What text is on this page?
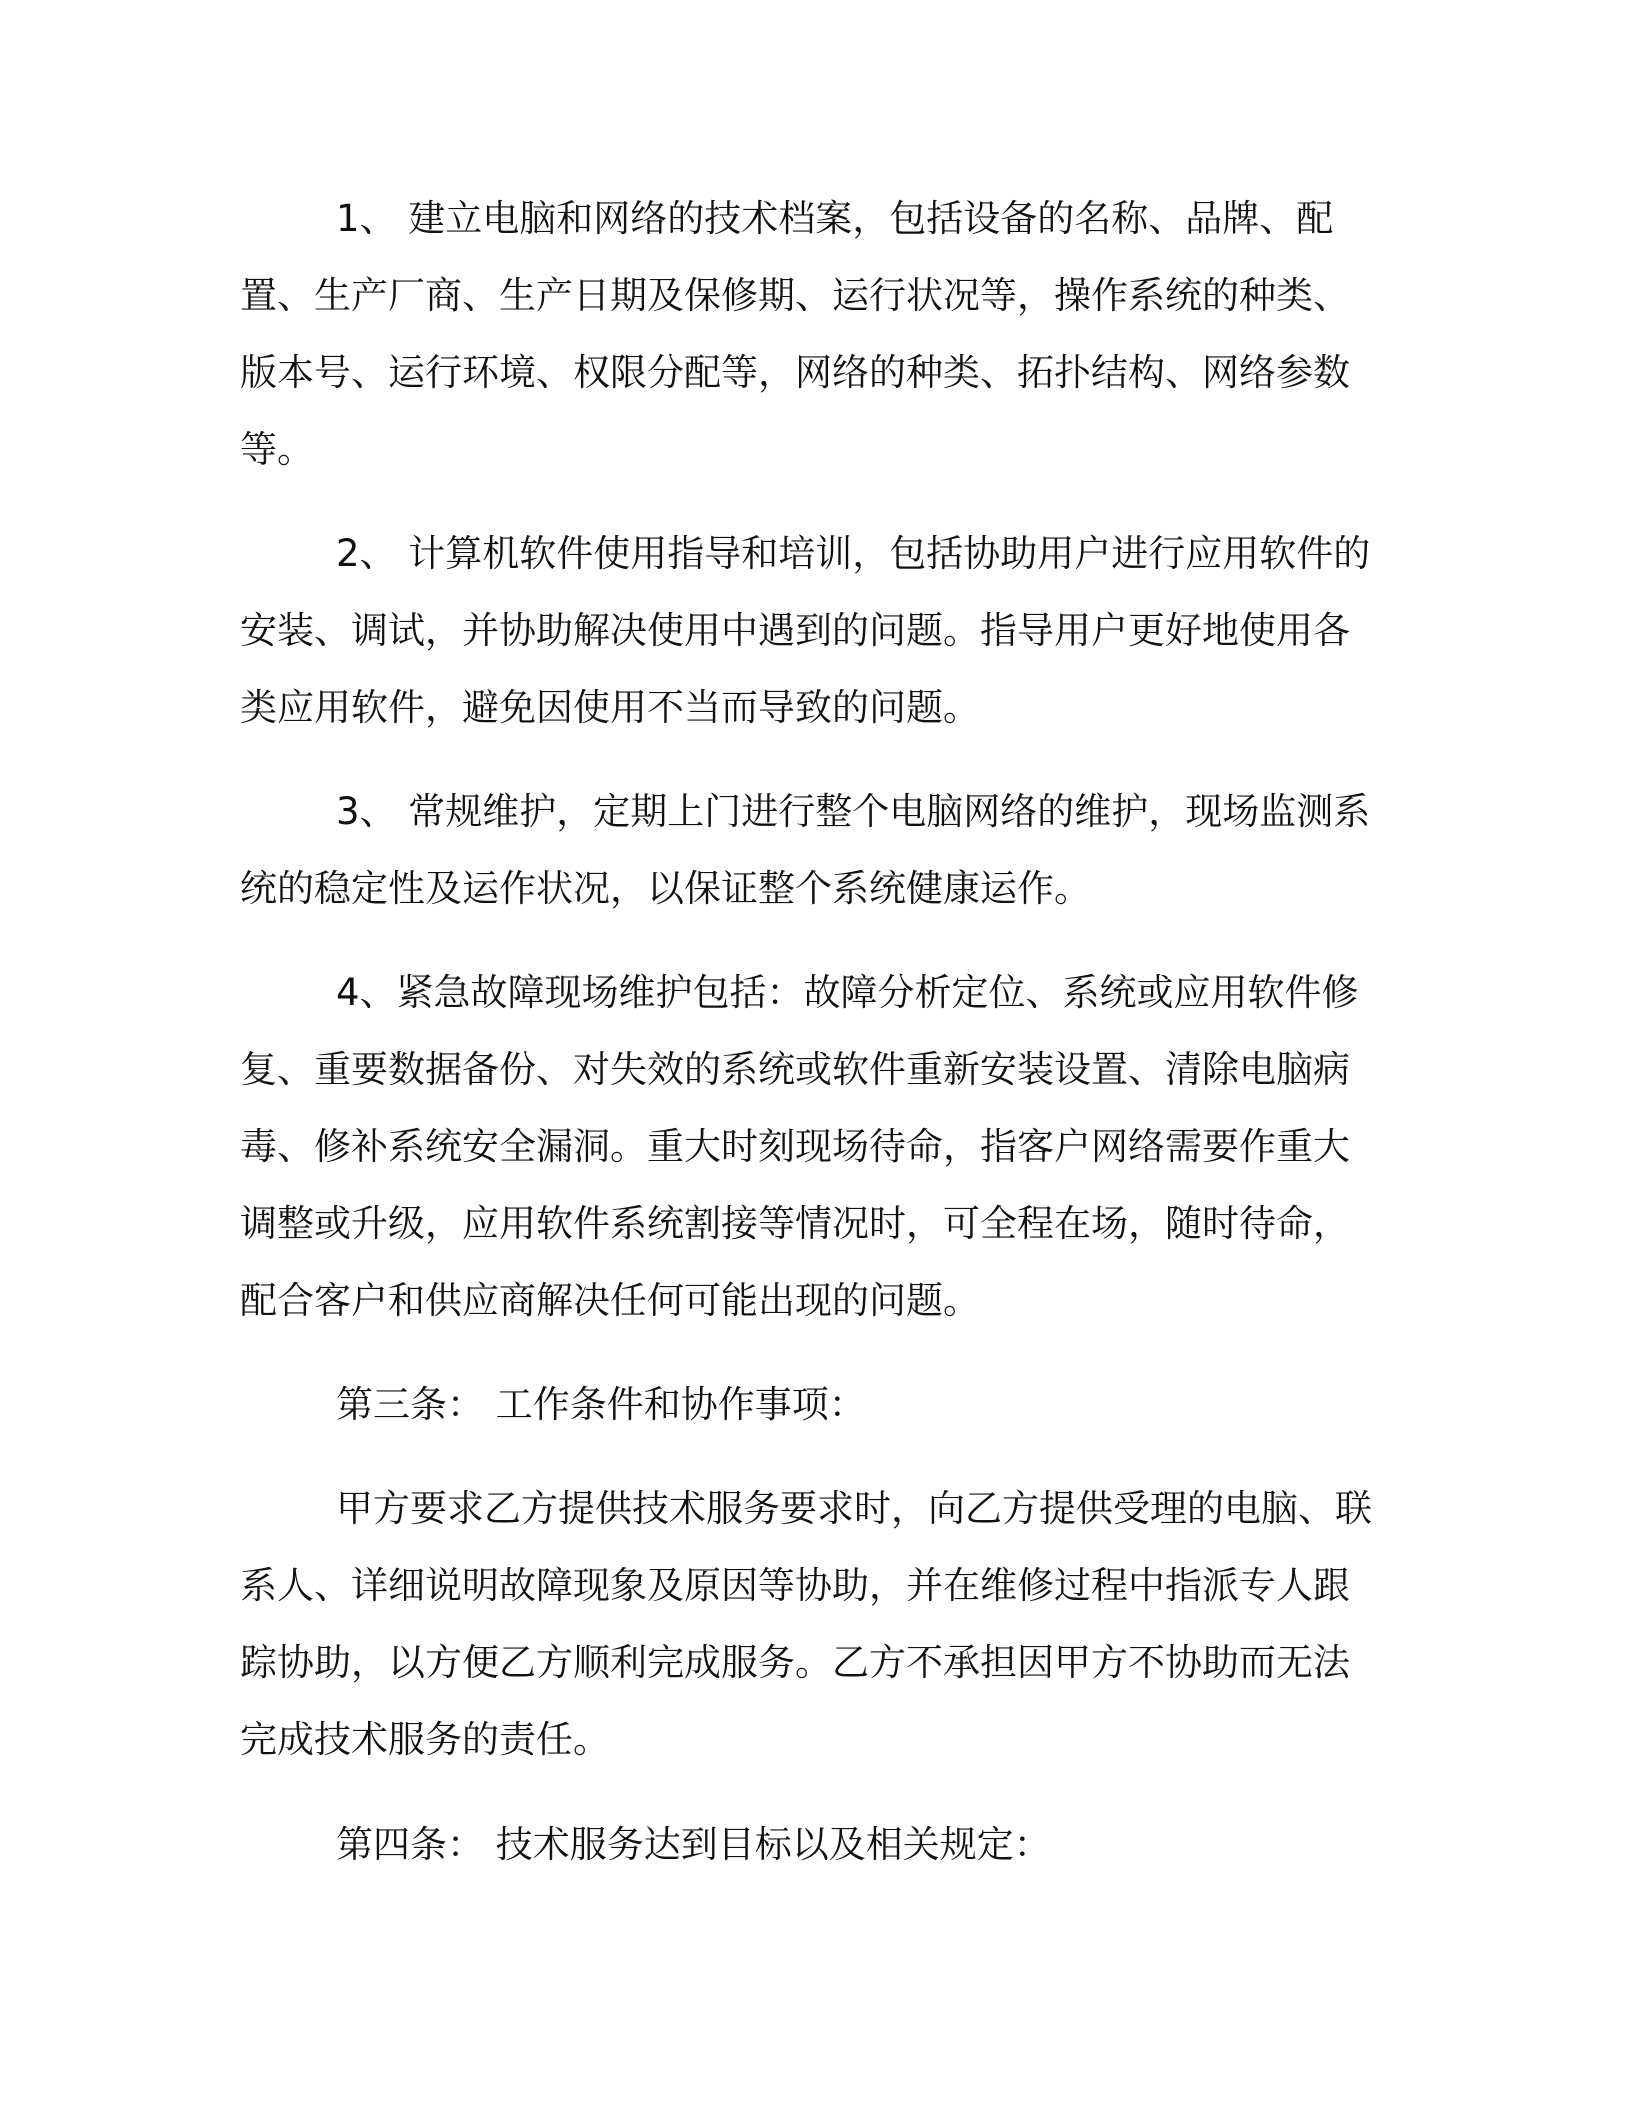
1、 建立电脑和网络的技术档案，包括设备的名称、品牌、配
置、生产厂商、生产日期及保修期、运行状况等，操作系统的种类、
版本号、运行环境、权限分配等，网络的种类、拓扑结构、网络参数
等。
2、 计算机软件使用指导和培训，包括协助用户进行应用软件的
安装、调试，并协助解决使用中遇到的问题。指导用户更好地使用各
类应用软件，避免因使用不当而导致的问题。
3、 常规维护，定期上门进行整个电脑网络的维护，现场监测系
统的稳定性及运作状况，以保证整个系统健康运作。
4、紧急故障现场维护包括：故障分析定位、系统或应用软件修
复、重要数据备份、对失效的系统或软件重新安装设置、清除电脑病
毒、修补系统安全漏洞。重大时刻现场待命，指客户网络需要作重大
调整或升级，应用软件系统割接等情况时，可全程在场，随时待命，
配合客户和供应商解决任何可能出现的问题。
第三条： 工作条件和协作事项：
甲方要求乙方提供技术服务要求时，向乙方提供受理的电脑、联
系人、详细说明故障现象及原因等协助，并在维修过程中指派专人跟
踪协助，以方便乙方顺利完成服务。乙方不承担因甲方不协助而无法
完成技术服务的责任。
第四条： 技术服务达到目标以及相关规定：
